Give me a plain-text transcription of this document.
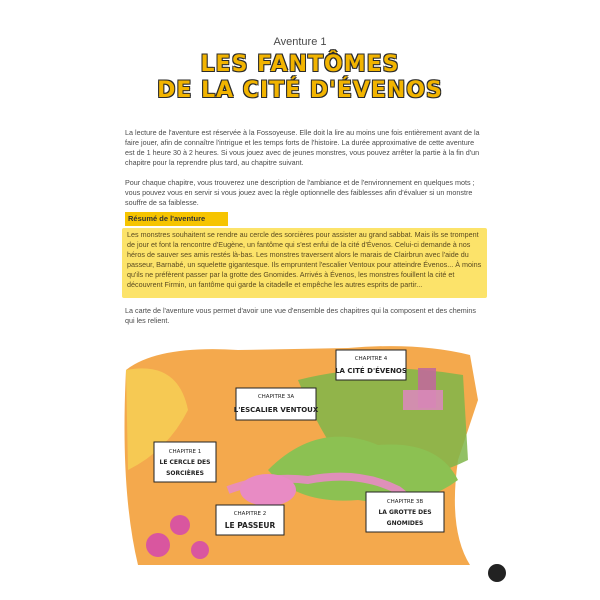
Aventure 1
LES FANTÔMES
DE LA CITÉ D'ÉVENOS
La lecture de l'aventure est réservée à la Fossoyeuse. Elle doit la lire au moins une fois entièrement avant de la faire jouer, afin de connaître l'intrigue et les temps forts de l'histoire. La durée approximative de cette aventure est de 1 heure 30 à 2 heures. Si vous jouez avec de jeunes monstres, vous pouvez arrêter la partie à la fin d'un chapitre pour la reprendre plus tard, au chapitre suivant.
Pour chaque chapitre, vous trouverez une description de l'ambiance et de l'environnement en quelques mots ; vous pouvez vous en servir si vous jouez avec la règle optionnelle des faiblesses afin d'évaluer si un monstre souffre de sa faiblesse.
Résumé de l'aventure
Les monstres souhaitent se rendre au cercle des sorcières pour assister au grand sabbat. Mais ils se trompent de jour et font la rencontre d'Eugène, un fantôme qui s'est enfui de la cité d'Évenos. Celui-ci demande à nos héros de sauver ses amis restés là-bas. Les monstres traversent alors le marais de Clairbrun avec l'aide du passeur, Barnabé, un squelette gigantesque. Ils empruntent l'escalier Ventoux pour atteindre Évenos... À moins qu'ils ne préfèrent passer par la grotte des Gnomides. Arrivés à Évenos, les monstres fouillent la cité et découvrent Firmin, un fantôme qui garde la citadelle et empêche les autres esprits de partir...
La carte de l'aventure vous permet d'avoir une vue d'ensemble des chapitres qui la composent et des chemins qui les relient.
CHAPITRE 4
LA CITÉ D'ÉVENOS
CHAPITRE 3A
L'ESCALIER VENTOUX
CHAPITRE 1
LE CERCLE DES
SORCIÈRES
CHAPITRE 2
LE PASSEUR
CHAPITRE 3B
LA GROTTE DES
GNOMIDES
